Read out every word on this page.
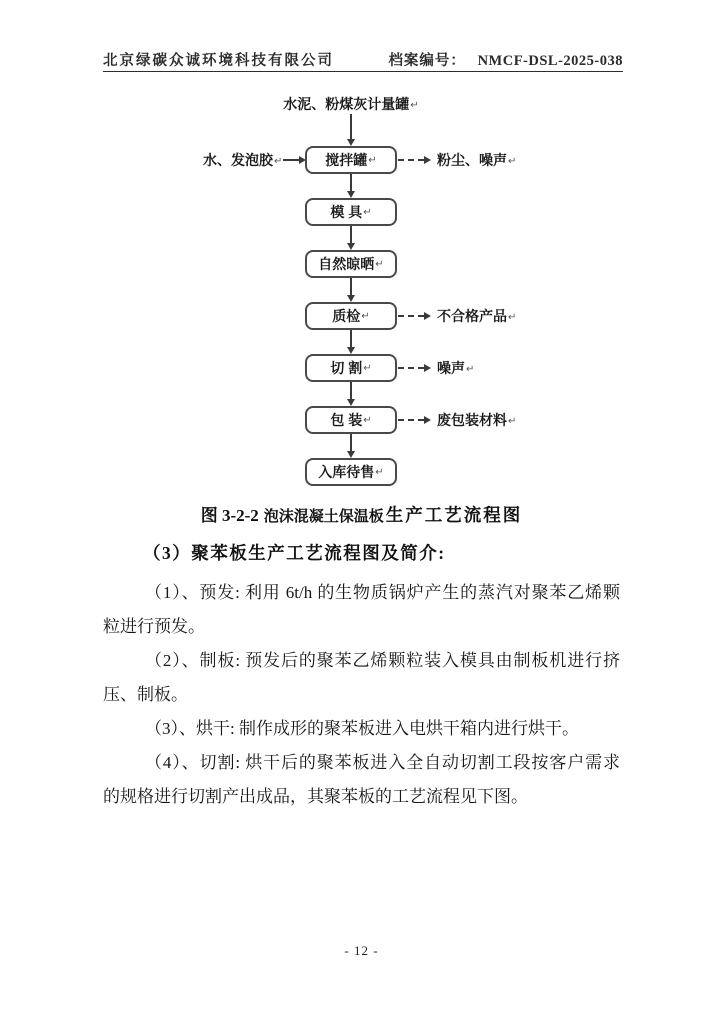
北京绿碳众诚环境科技有限公司	档案编号： NMCF-DSL-2025-038
水泥、粉煤灰计量罐↵
搅拌罐 ↵
水、发泡胶↵	粉尘、噪声↵
模 具 ↵
自然晾晒 ↵
质检 ↵	不合格产品↵
切 割 ↵	噪声↵
包 装 ↵	废包装材料↵
入库待售 ↵
图 3-2-2 泡沫混凝土保温板 生产工艺流程图
（3）聚苯板生产工艺流程图及简介:
（1）、预发: 利用 6t/h 的生物质锅炉产生的蒸汽对聚苯乙烯颗
粒进行预发。
（2）、制板: 预发后的聚苯乙烯颗粒装入模具由制板机进行挤
压、制板。
（3）、烘干: 制作成形的聚苯板进入电烘干箱内进行烘干。
（4）、切割: 烘干后的聚苯板进入全自动切割工段按客户需求
的规格进行切割产出成品，其聚苯板的工艺流程见下图。
- 12 -
